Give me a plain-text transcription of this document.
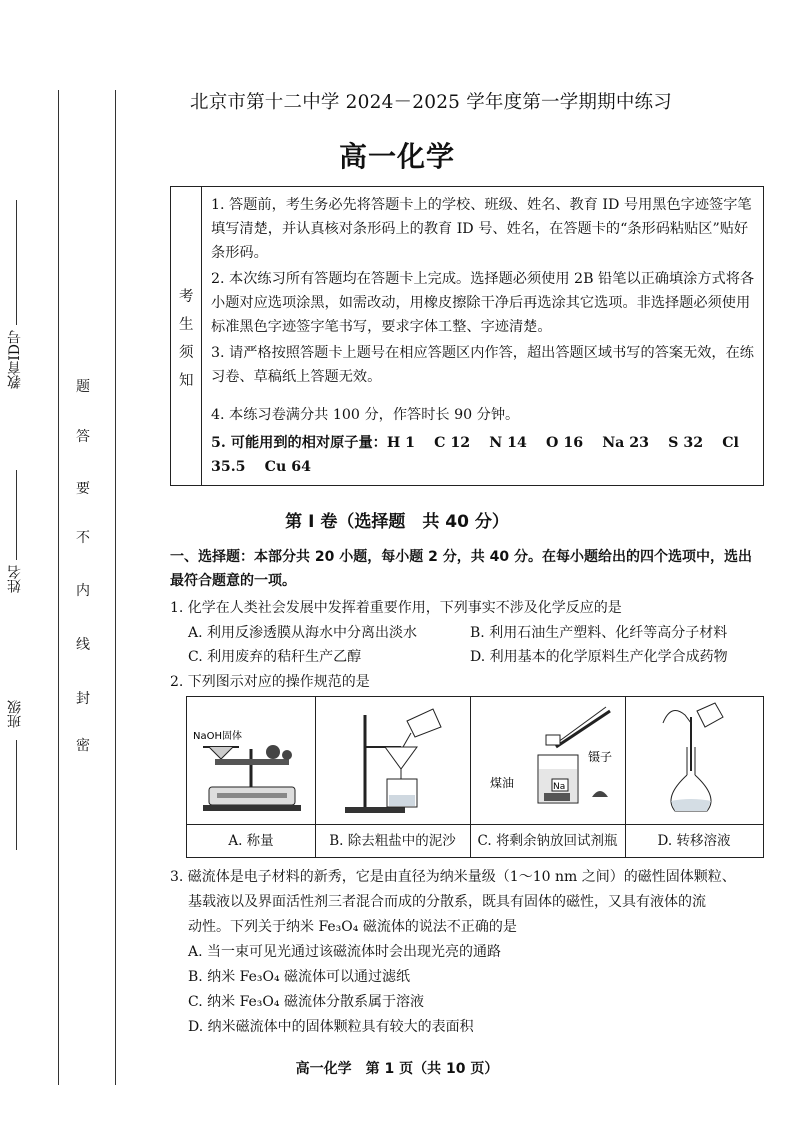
教育ID号
姓名
班级
密
封
线
内
不
要
答
题
北京市第十二中学 2024－2025 学年度第一学期期中练习
高一化学
考
生
须
知
1. 答题前，考生务必先将答题卡上的学校、班级、姓名、教育 ID 号用黑色字迹签字笔填写清楚，并认真核对条形码上的教育 ID 号、姓名，在答题卡的“条形码粘贴区”贴好条形码。
2. 本次练习所有答题均在答题卡上完成。选择题必须使用 2B 铅笔以正确填涂方式将各小题对应选项涂黑，如需改动，用橡皮擦除干净后再选涂其它选项。非选择题必须使用标准黑色字迹签字笔书写，要求字体工整、字迹清楚。
3. 请严格按照答题卡上题号在相应答题区内作答，超出答题区域书写的答案无效，在练习卷、草稿纸上答题无效。
4. 本练习卷满分共 100 分，作答时长 90 分钟。
5. 可能用到的相对原子量：H 1　 C 12　 N 14　 O 16　 Na 23　 S 32　 Cl 35.5　 Cu 64
第 I 卷（选择题　共 40 分）
一、选择题：本部分共 20 小题，每小题 2 分，共 40 分。在每小题给出的四个选项中，选出
最符合题意的一项。
1. 化学在人类社会发展中发挥着重要作用，下列事实不涉及化学反应的是
A. 利用反渗透膜从海水中分离出淡水	B. 利用石油生产塑料、化纤等高分子材料
C. 利用废弃的秸秆生产乙醇	D. 利用基本的化学原料生产化学合成药物
2. 下列图示对应的操作规范的是
NaOH固体
A. 称量	B. 除去粗盐中的泥沙
镊子
Na
煤油
C. 将剩余钠放回试剂瓶	D. 转移溶液
3. 磁流体是电子材料的新秀，它是由直径为纳米量级（1～10 nm 之间）的磁性固体颗粒、
基载液以及界面活性剂三者混合而成的分散系，既具有固体的磁性，又具有液体的流
动性。下列关于纳米 Fe₃O₄ 磁流体的说法不正确的是
A. 当一束可见光通过该磁流体时会出现光亮的通路
B. 纳米 Fe₃O₄ 磁流体可以通过滤纸
C. 纳米 Fe₃O₄ 磁流体分散系属于溶液
D. 纳米磁流体中的固体颗粒具有较大的表面积
高一化学　第 1 页（共 10 页）
